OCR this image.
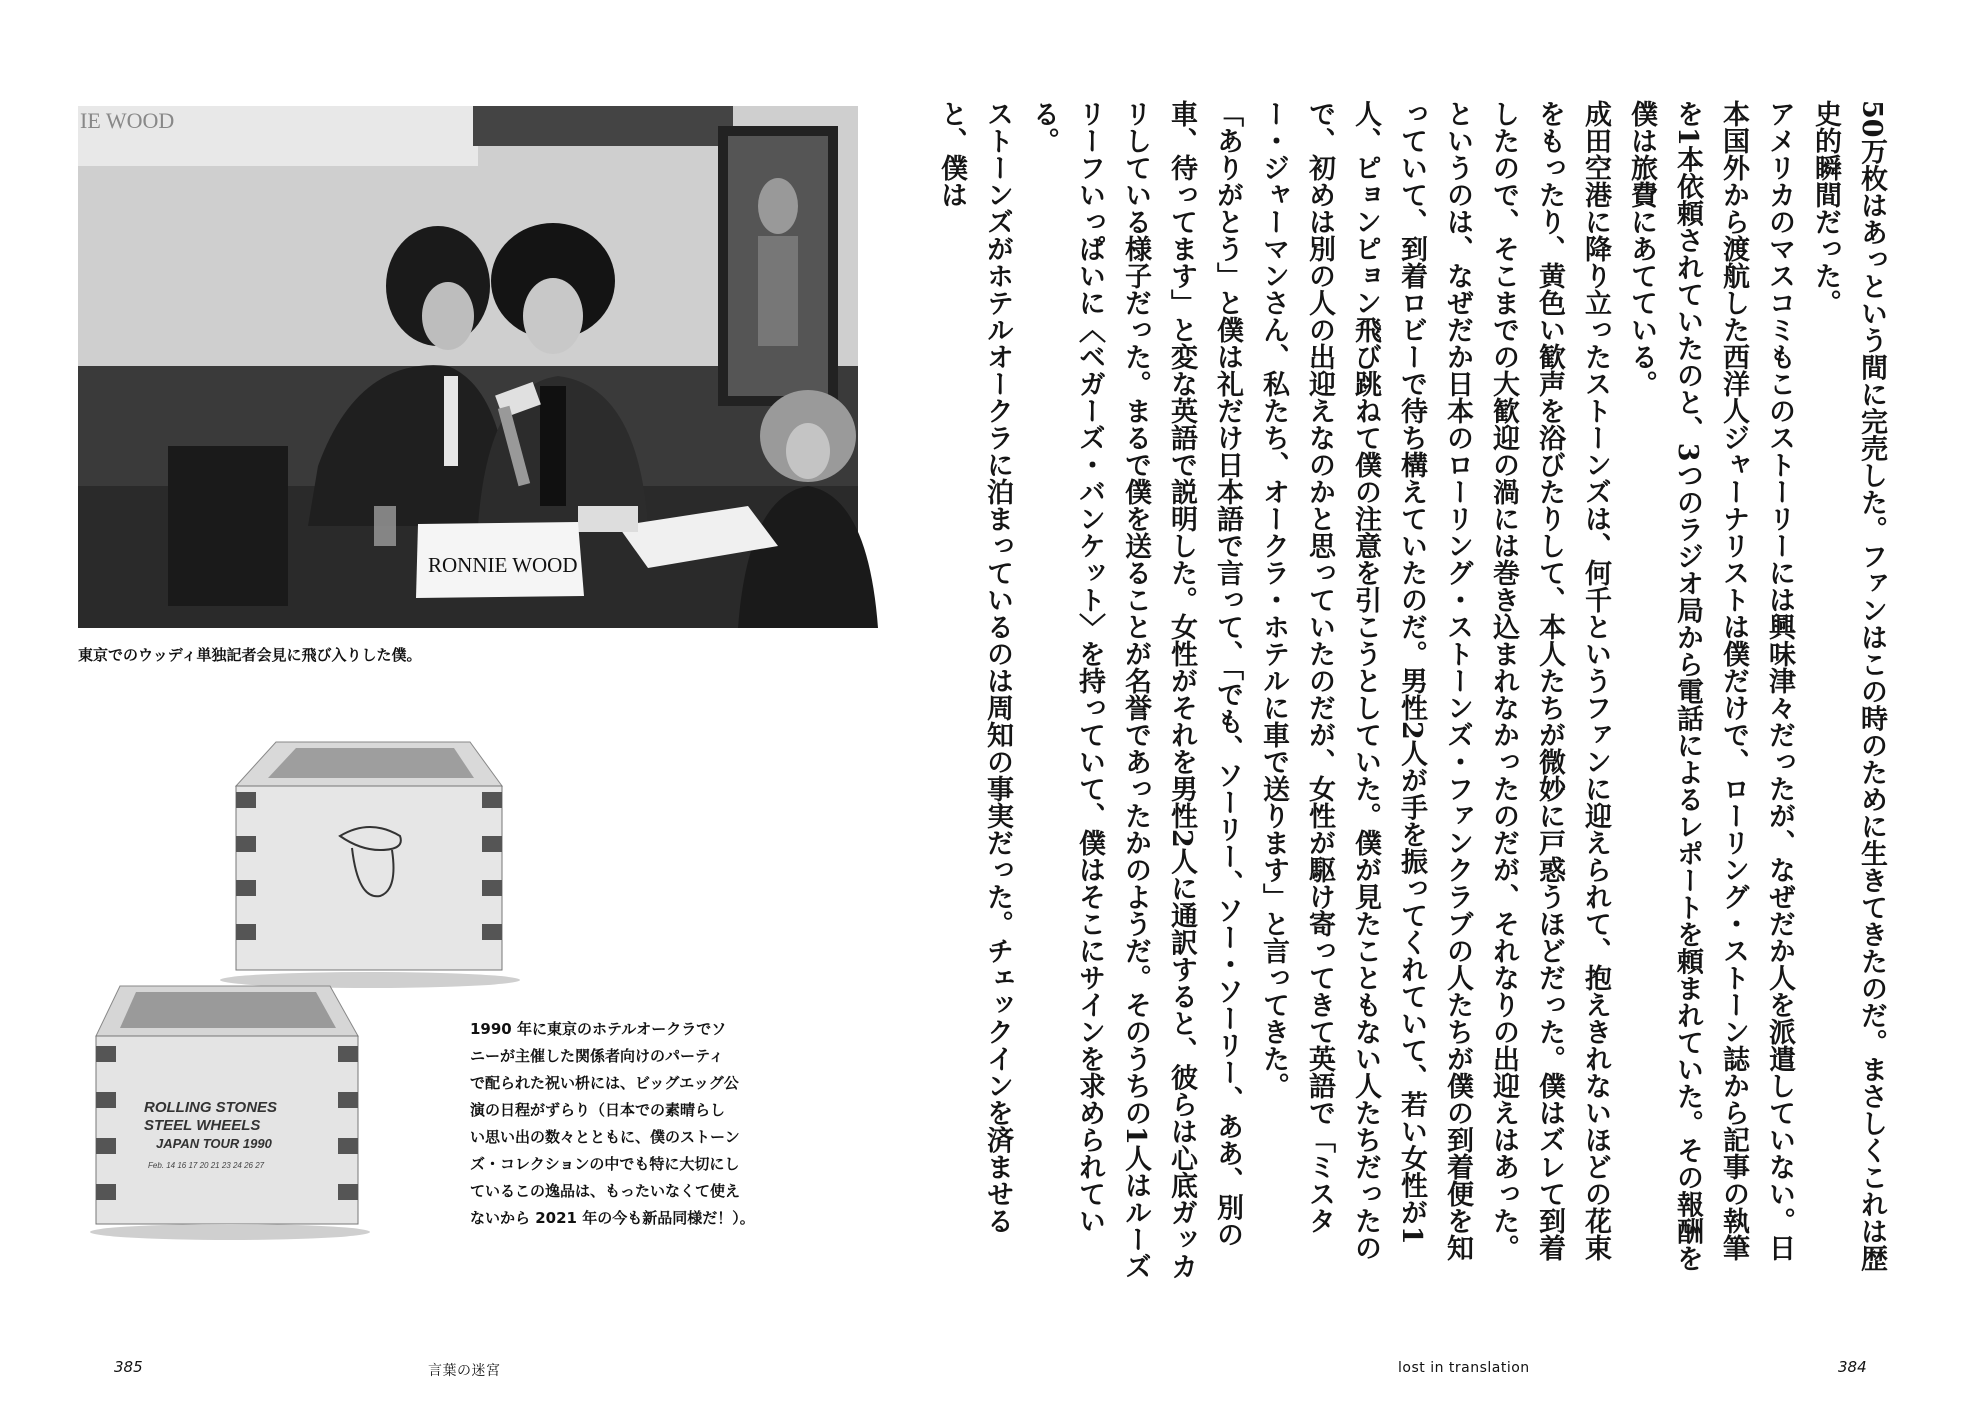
IE WOOD
RONNIE WOOD
東京でのウッディ単独記者会見に飛び入りした僕。
ROLLING STONES
STEEL WHEELS
JAPAN TOUR 1990
Feb. 14 16 17 20 21 23 24 26 27
1990 年に東京のホテルオークラでソ
ニーが主催した関係者向けのパーティ
で配られた祝い枡には、ビッグエッグ公
演の日程がずらり（日本での素晴らし
い思い出の数々とともに、僕のストーン
ズ・コレクションの中でも特に大切にし
ているこの逸品は、もったいなくて使え
ないから 2021 年の今も新品同様だ！）。
385	言葉の迷宮

50万枚はあっという間に完売した。ファンはこの時のために生きてきたのだ。まさしくこれは歴史的瞬間だった。

アメリカのマスコミもこのストーリーには興味津々だったが、なぜだか人を派遣していない。日本国外から渡航した西洋人ジャーナリストは僕だけで、ローリング・ストーン誌から記事の執筆を1本依頼されていたのと、3つのラジオ局から電話によるレポートを頼まれていた。その報酬を僕は旅費にあてている。

成田空港に降り立ったストーンズは、何千というファンに迎えられて、抱えきれないほどの花束をもったり、黄色い歓声を浴びたりして、本人たちが微妙に戸惑うほどだった。僕はズレて到着したので、そこまでの大歓迎の渦には巻き込まれなかったのだが、それなりの出迎えはあった。というのは、なぜだか日本のローリング・ストーンズ・ファンクラブの人たちが僕の到着便を知っていて、到着ロビーで待ち構えていたのだ。男性2人が手を振ってくれていて、若い女性が1人、ピョンピョン飛び跳ねて僕の注意を引こうとしていた。僕が見たこともない人たちだったので、初めは別の人の出迎えなのかと思っていたのだが、女性が駆け寄ってきて英語で「ミスター・ジャーマンさん、私たち、オークラ・ホテルに車で送ります」と言ってきた。

「ありがとう」と僕は礼だけ日本語で言って、「でも、ソーリー、ソー・ソーリー、ああ、別の車、待ってます」と変な英語で説明した。女性がそれを男性2人に通訳すると、彼らは心底ガッカリしている様子だった。まるで僕を送ることが名誉であったかのようだ。そのうちの1人はルーズリーフいっぱいに〈ベガーズ・バンケット〉を持っていて、僕はそこにサインを求められている。

ストーンズがホテルオークラに泊まっているのは周知の事実だった。チェックインを済ませると、僕は

lost in translation	384
